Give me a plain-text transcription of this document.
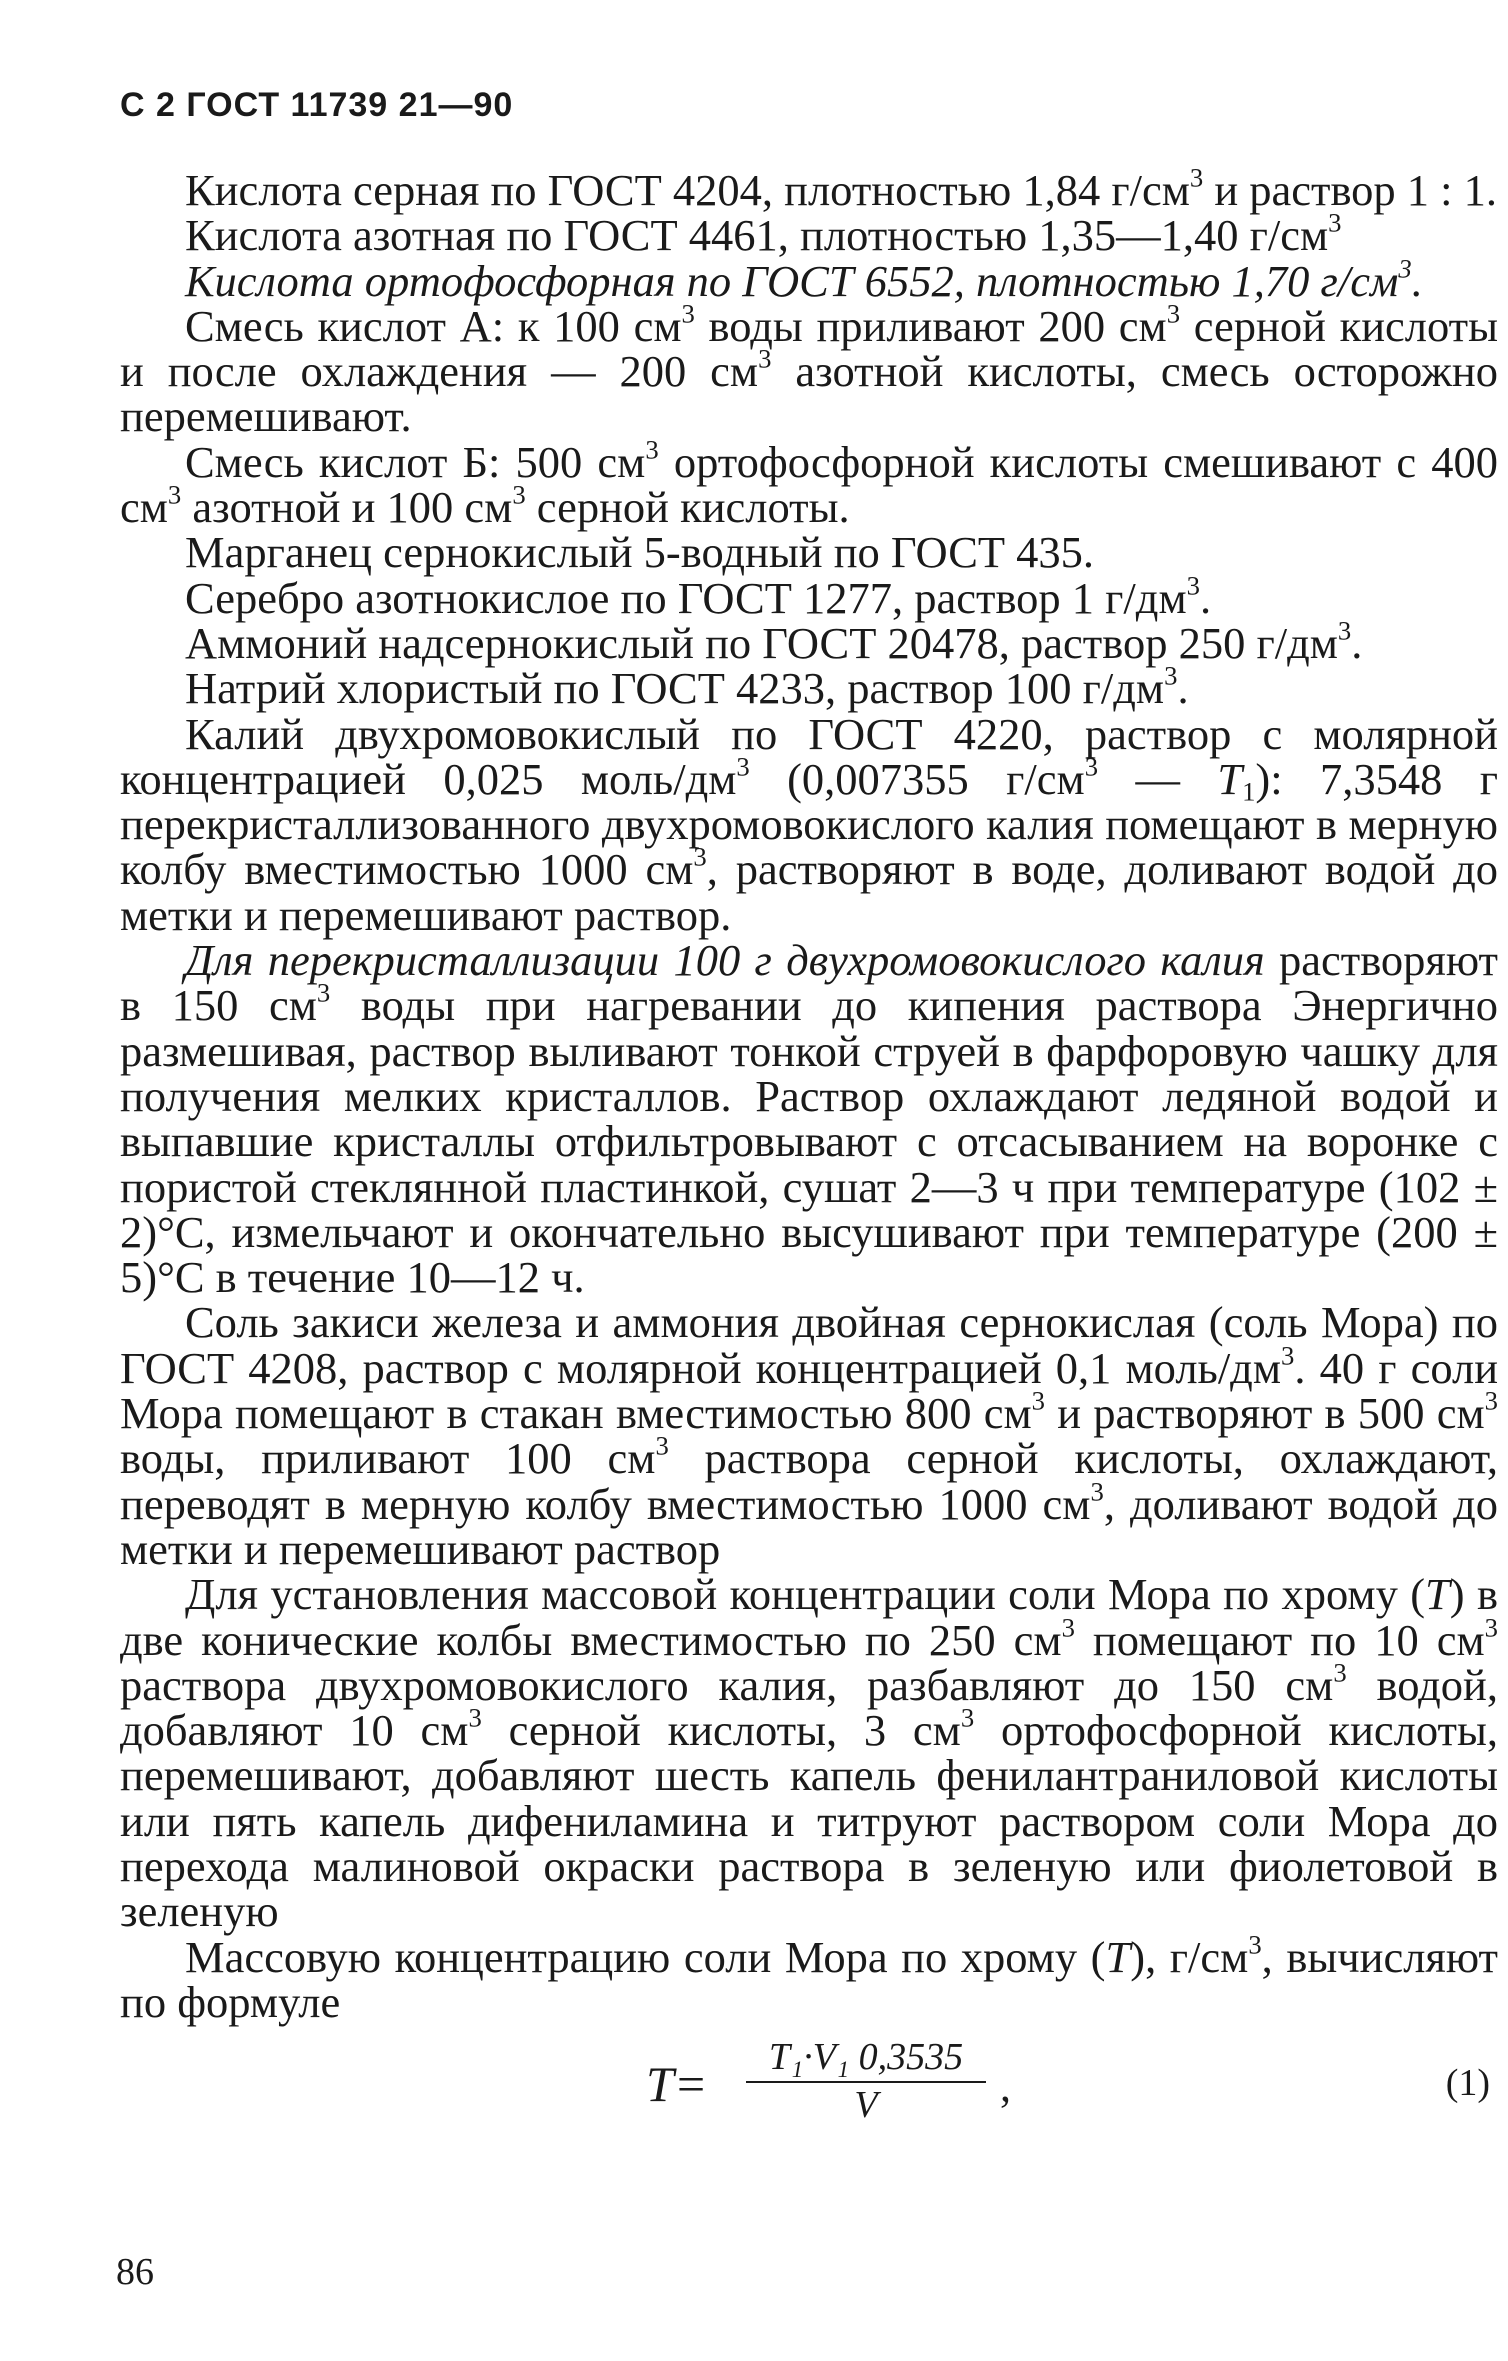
С 2 ГОСТ 11739 21—90

Кислота серная по ГОСТ 4204, плотностью 1,84 $г/см^3$ и раствор 1 : 1.

Кислота азотная по ГОСТ 4461, плотностью 1,35—1,40 $г/см^3$

Кислота ортофосфорная по ГОСТ 6552, плотностью 1,70 $г/см^3$.

Смесь кислот А: к 100 $см^3$ воды приливают 200 $см^3$ серной кислоты и после охлаждения — 200 $см^3$ азотной кислоты, смесь осторожно перемешивают.

Смесь кислот Б: 500 $см^3$ ортофосфорной кислоты смешивают с 400 $см^3$ азотной и 100 $см^3$ серной кислоты.

Марганец сернокислый 5-водный по ГОСТ 435.

Серебро азотнокислое по ГОСТ 1277, раствор 1 $г/дм^3$.

Аммоний надсернокислый по ГОСТ 20478, раствор 250 $г/дм^3$.

Натрий хлористый по ГОСТ 4233, раствор 100 $г/дм^3$.

Калий двухромовокислый по ГОСТ 4220, раствор с молярной концентрацией 0,025 моль/$дм^3$ (0,007355 $г/см^3$ — $T_1$): 7,3548 г перекристаллизованного двухромовокислого калия помещают в мерную колбу вместимостью 1000 $см^3$, растворяют в воде, доливают водой до метки и перемешивают раствор.

Для перекристаллизации 100 г двухромовокислого калия растворяют в 150 $см^3$ воды при нагревании до кипения раствора Энергично размешивая, раствор выливают тонкой струей в фарфоровую чашку для получения мелких кристаллов. Раствор охлаждают ледяной водой и выпавшие кристаллы отфильтровывают с отсасыванием на воронке с пористой стеклянной пластинкой, сушат 2—3 ч при температуре (102 ± 2)°С, измельчают и окончательно высушивают при температуре (200 ± 5)°С в течение 10—12 ч.

Соль закиси железа и аммония двойная сернокислая (соль Мора) по ГОСТ 4208, раствор с молярной концентрацией 0,1 моль/$дм^3$. 40 г соли Мора помещают в стакан вместимостью 800 $см^3$ и растворяют в 500 $см^3$ воды, приливают 100 $см^3$ раствора серной кислоты, охлаждают, переводят в мерную колбу вместимостью 1000 $см^3$, доливают водой до метки и перемешивают раствор

Для установления массовой концентрации соли Мора по хрому (T) в две конические колбы вместимостью по 250 $см^3$ помещают по 10 $см^3$ раствора двухромовокислого калия, разбавляют до 150 $см^3$ водой, добавляют 10 $см^3$ серной кислоты, 3 $см^3$ ортофосфорной кислоты, перемешивают, добавляют шесть капель фенилантраниловой кислоты или пять капель дифениламина и титруют раствором соли Мора до перехода малиновой окраски раствора в зеленую или фиолетовой в зеленую

Массовую концентрацию соли Мора по хрому (T), $г/см^3$, вычисляют по формуле

T=	T₁·V₁ 0,3535
V	,	(1)
86
